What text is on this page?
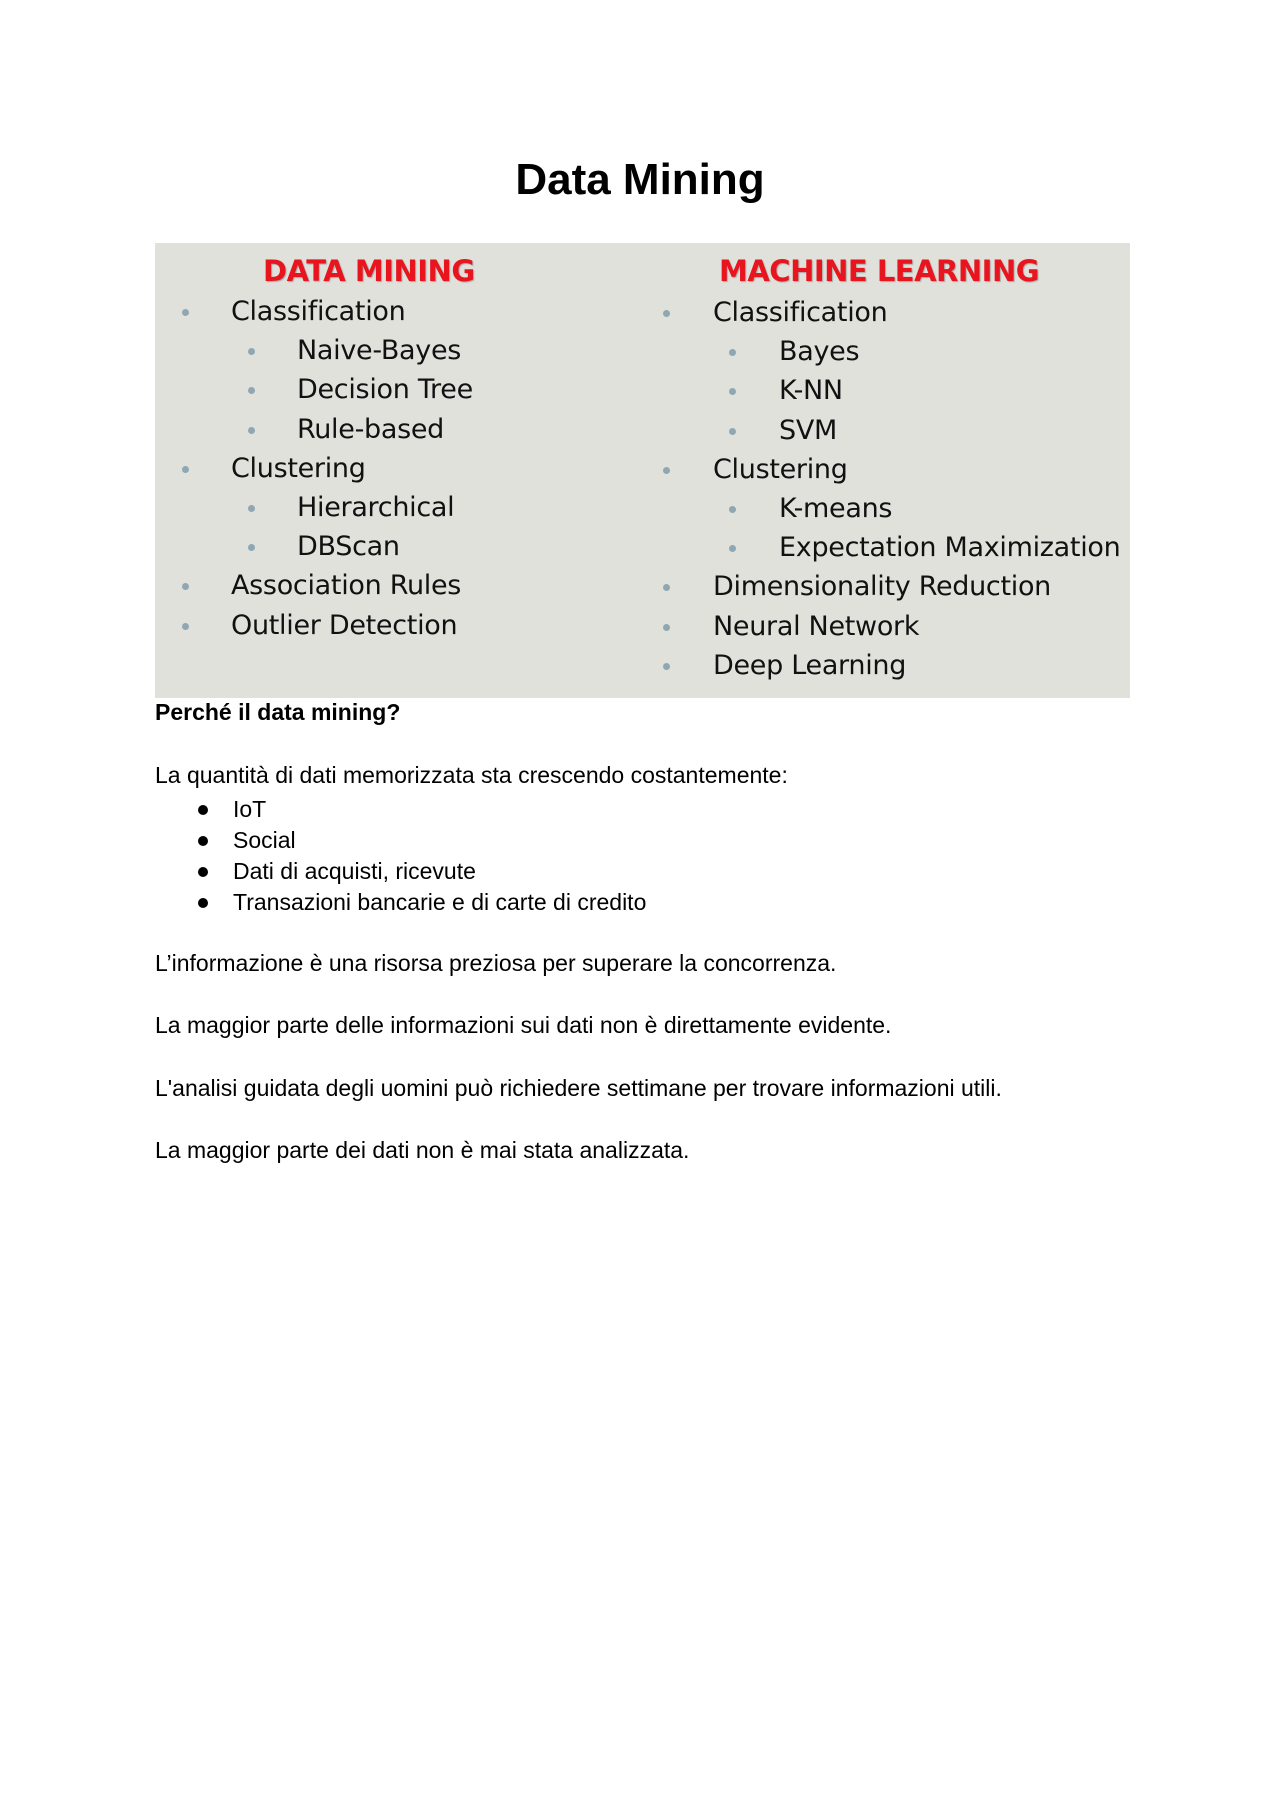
Data Mining
DATA MINING
Classification
Naive-Bayes
Decision Tree
Rule-based
Clustering
Hierarchical
DBScan
Association Rules
Outlier Detection
MACHINE LEARNING
Classification
Bayes
K-NN
SVM
Clustering
K-means
Expectation Maximization
Dimensionality Reduction
Neural Network
Deep Learning
Perché il data mining?
La quantità di dati memorizzata sta crescendo costantemente:
IoT
Social
Dati di acquisti, ricevute
Transazioni bancarie e di carte di credito
L’informazione è una risorsa preziosa per superare la concorrenza.
La maggior parte delle informazioni sui dati non è direttamente evidente.
L'analisi guidata degli uomini può richiedere settimane per trovare informazioni utili.
La maggior parte dei dati non è mai stata analizzata.
